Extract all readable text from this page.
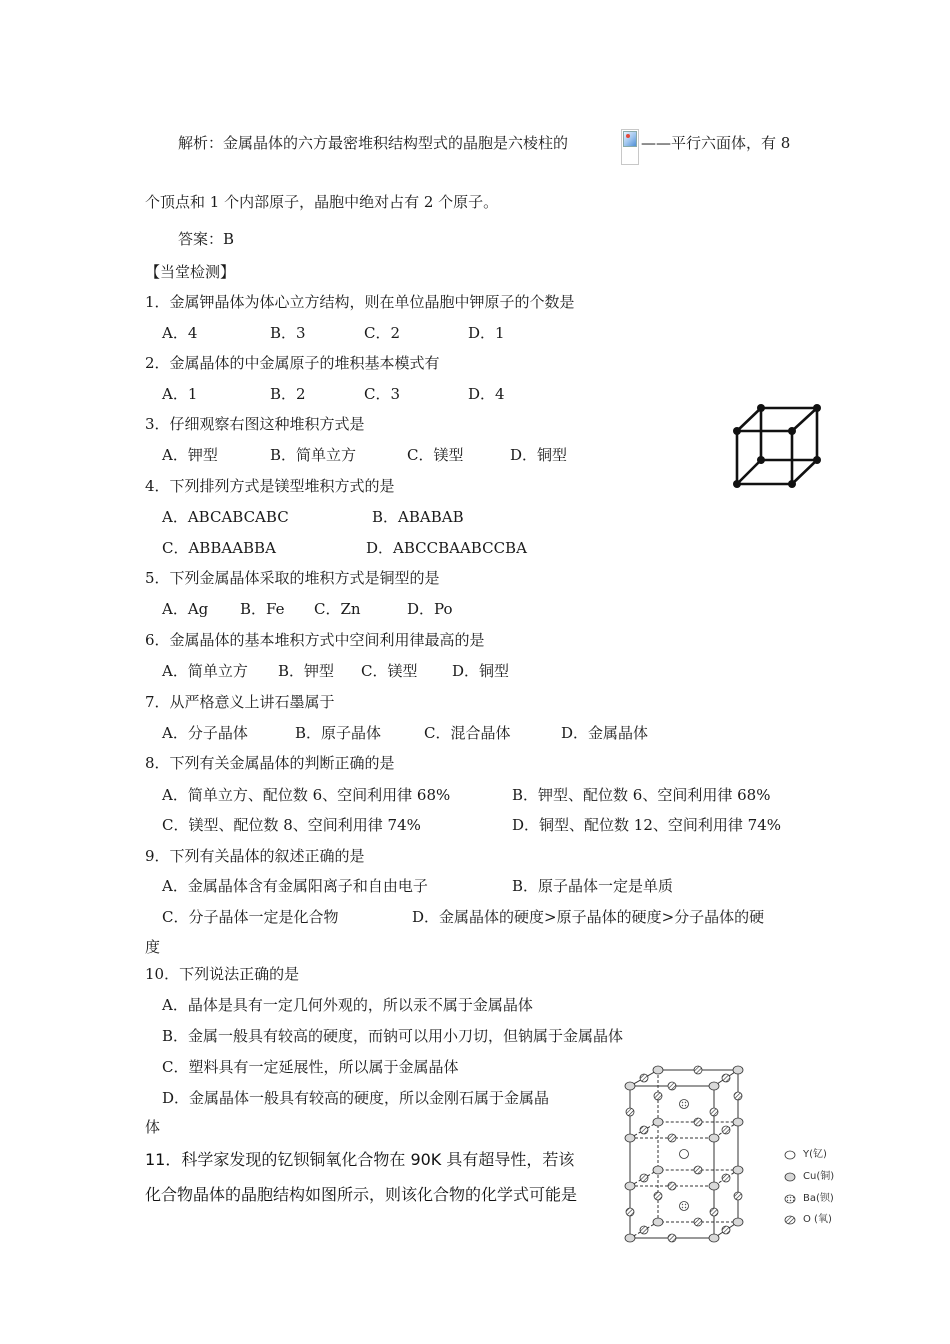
解析：金属晶体的六方最密堆积结构型式的晶胞是六棱柱的	——平行六面体，有 8
个顶点和 1 个内部原子，晶胞中绝对占有 2 个原子。
答案：B
【当堂检测】
1．金属钾晶体为体心立方结构，则在单位晶胞中钾原子的个数是
A．4	B．3	C．2	D．1
2．金属晶体的中金属原子的堆积基本模式有
A．1	B．2	C．3	D．4
3．仔细观察右图这种堆积方式是
A．钾型	B．简单立方	C．镁型	D．铜型
4．下列排列方式是镁型堆积方式的是
A．ABCABCABC	B．ABABAB
C．ABBAABBA	D．ABCCBAABCCBA
5．下列金属晶体采取的堆积方式是铜型的是
A．Ag B．Fe C．Zn	D．Po
6．金属晶体的基本堆积方式中空间利用律最高的是
A．简单立方 B．钾型 C．镁型 D．铜型
7．从严格意义上讲石墨属于
A．分子晶体	B．原子晶体	C．混合晶体	D．金属晶体
8．下列有关金属晶体的判断正确的是
A．简单立方、配位数 6、空间利用律 68%	B．钾型、配位数 6、空间利用律 68%
C．镁型、配位数 8、空间利用律 74%	D．铜型、配位数 12、空间利用律 74%
9．下列有关晶体的叙述正确的是
A．金属晶体含有金属阳离子和自由电子	B．原子晶体一定是单质
C．分子晶体一定是化合物	D．金属晶体的硬度>原子晶体的硬度>分子晶体的硬
度
10．下列说法正确的是
A．晶体是具有一定几何外观的，所以汞不属于金属晶体
B．金属一般具有较高的硬度，而钠可以用小刀切，但钠属于金属晶体
C．塑料具有一定延展性，所以属于金属晶体
D．金属晶体一般具有较高的硬度，所以金刚石属于金属晶
体
11．科学家发现的钇钡铜氧化合物在 90K 具有超导性，若该
化合物晶体的晶胞结构如图所示，则该化合物的化学式可能是
Y(钇)
Cu(铜)
Ba(钡)
O (氧)
